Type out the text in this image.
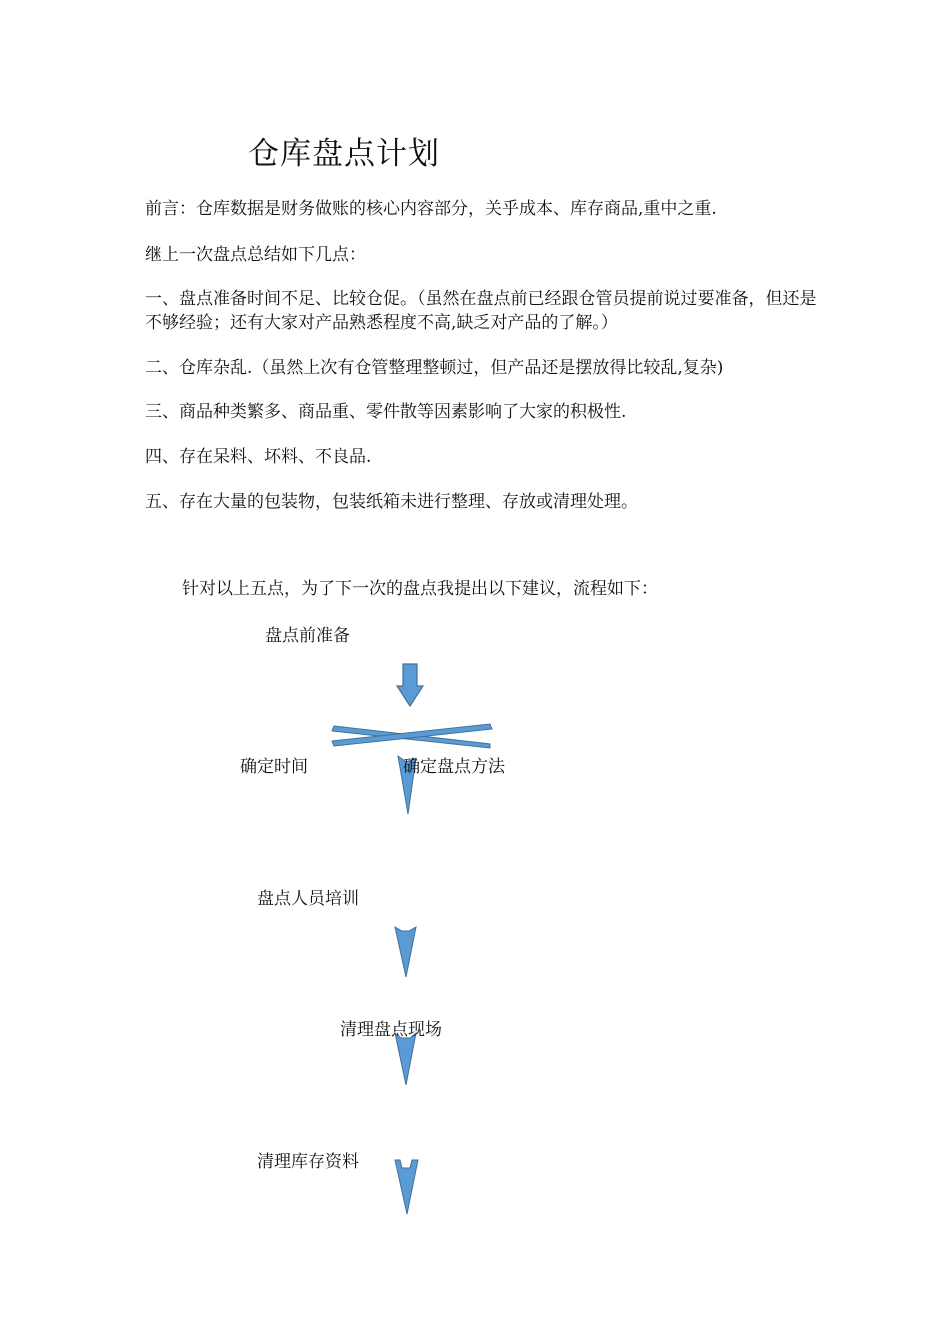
仓库盘点计划
前言：仓库数据是财务做账的核心内容部分，关乎成本、库存商品,重中之重.
继上一次盘点总结如下几点：
一、盘点准备时间不足、比较仓促。（虽然在盘点前已经跟仓管员提前说过要准备，但还是不够经验；还有大家对产品熟悉程度不高,缺乏对产品的了解。）
二、仓库杂乱.（虽然上次有仓管整理整顿过，但产品还是摆放得比较乱,复杂)
三、商品种类繁多、商品重、零件散等因素影响了大家的积极性.
四、存在呆料、坏料、不良品.
五、存在大量的包装物，包装纸箱未进行整理、存放或清理处理。
针对以上五点，为了下一次的盘点我提出以下建议，流程如下：
盘点前准备
确定时间	确定盘点方法
盘点人员培训
清理盘点现场
清理库存资料
